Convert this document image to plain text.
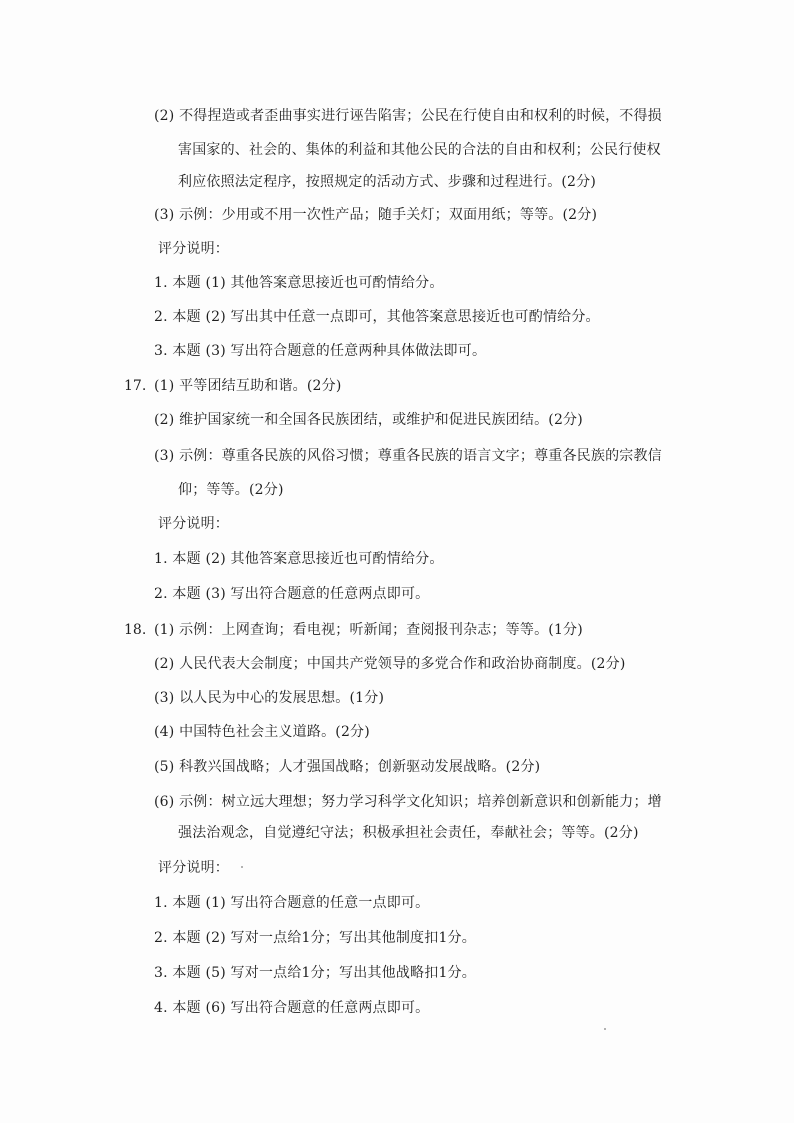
(2) 不得捏造或者歪曲事实进行诬告陷害；公民在行使自由和权利的时候，不得损
害国家的、社会的、集体的利益和其他公民的合法的自由和权利；公民行使权
利应依照法定程序，按照规定的活动方式、步骤和过程进行。(2分)
(3) 示例：少用或不用一次性产品；随手关灯；双面用纸；等等。(2分)
评分说明：
1. 本题 (1) 其他答案意思接近也可酌情给分。
2. 本题 (2) 写出其中任意一点即可，其他答案意思接近也可酌情给分。
3. 本题 (3) 写出符合题意的任意两种具体做法即可。
17. (1) 平等团结互助和谐。(2分)
(2) 维护国家统一和全国各民族团结，或维护和促进民族团结。(2分)
(3) 示例：尊重各民族的风俗习惯；尊重各民族的语言文字；尊重各民族的宗教信
仰；等等。(2分)
评分说明：
1. 本题 (2) 其他答案意思接近也可酌情给分。
2. 本题 (3) 写出符合题意的任意两点即可。
18. (1) 示例：上网查询；看电视；听新闻；查阅报刊杂志；等等。(1分)
(2) 人民代表大会制度；中国共产党领导的多党合作和政治协商制度。(2分)
(3) 以人民为中心的发展思想。(1分)
(4) 中国特色社会主义道路。(2分)
(5) 科教兴国战略；人才强国战略；创新驱动发展战略。(2分)
(6) 示例：树立远大理想；努力学习科学文化知识；培养创新意识和创新能力；增
强法治观念，自觉遵纪守法；积极承担社会责任，奉献社会；等等。(2分)
评分说明：
1. 本题 (1) 写出符合题意的任意一点即可。
2. 本题 (2) 写对一点给1分；写出其他制度扣1分。
3. 本题 (5) 写对一点给1分；写出其他战略扣1分。
4. 本题 (6) 写出符合题意的任意两点即可。
